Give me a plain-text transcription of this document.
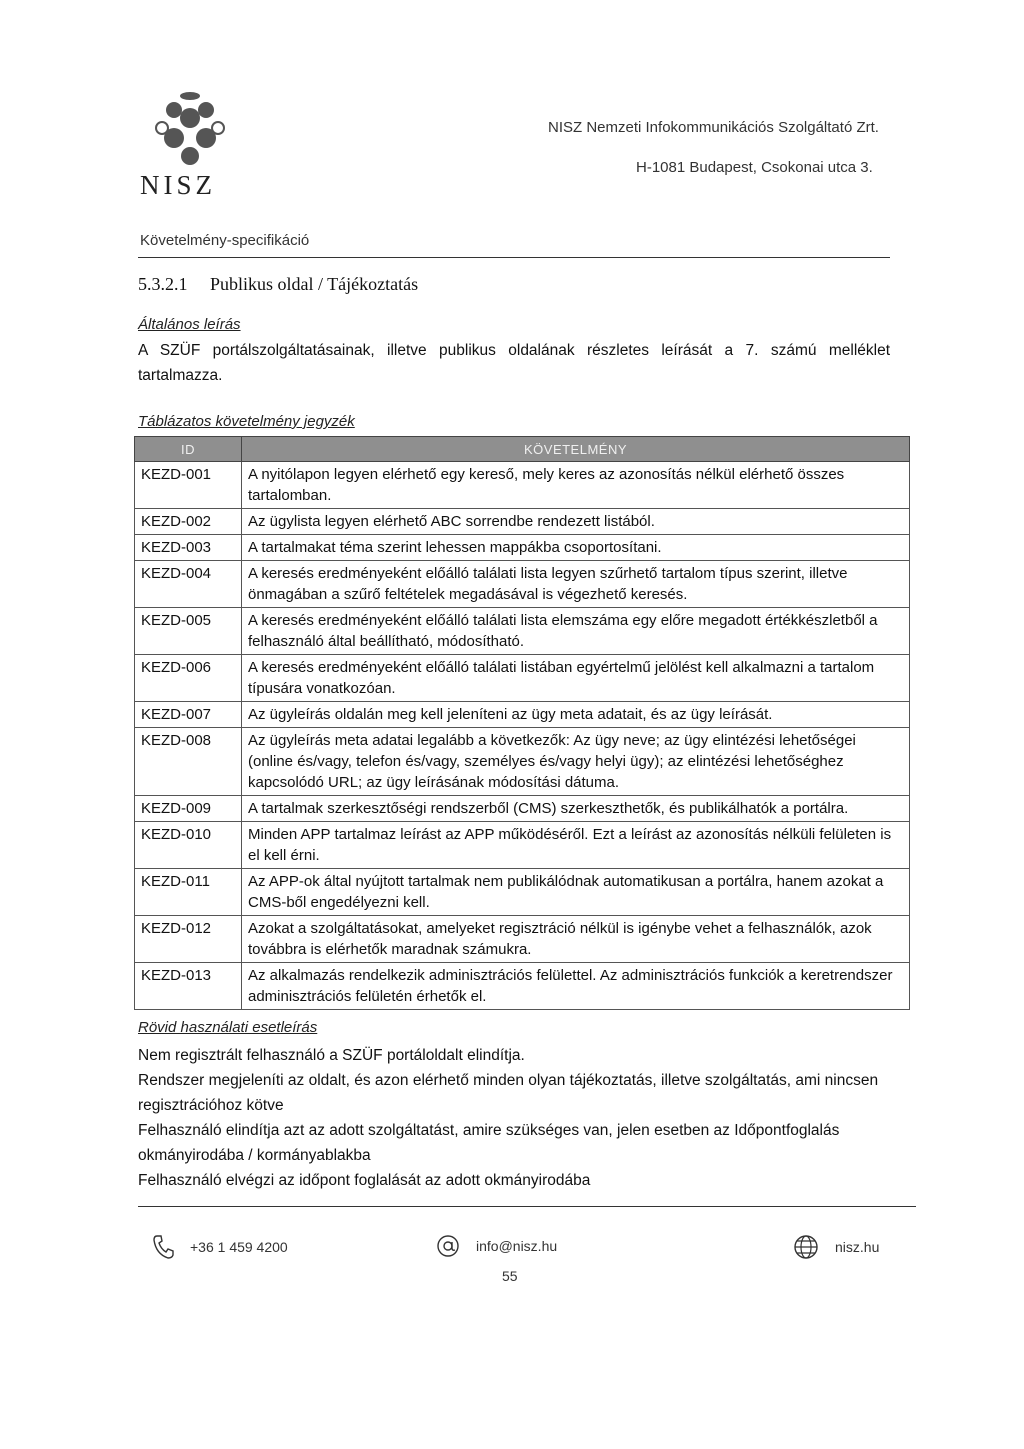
NISZ
NISZ Nemzeti Infokommunikációs Szolgáltató Zrt.
H-1081 Budapest, Csokonai utca 3.
Követelmény-specifikáció
5.3.2.1 Publikus oldal / Tájékoztatás
Általános leírás
A SZÜF portálszolgáltatásainak, illetve publikus oldalának részletes leírását a 7. számú melléklet tartalmazza.
Táblázatos követelmény jegyzék
ID	KÖVETELMÉNY
KEZD-001	A nyitólapon legyen elérhető egy kereső, mely keres az azonosítás nélkül elérhető összes tartalomban.
KEZD-002	Az ügylista legyen elérhető ABC sorrendbe rendezett listából.
KEZD-003	A tartalmakat téma szerint lehessen mappákba csoportosítani.
KEZD-004	A keresés eredményeként előálló találati lista legyen szűrhető tartalom típus szerint, illetve önmagában a szűrő feltételek megadásával is végezhető keresés.
KEZD-005	A keresés eredményeként előálló találati lista elemszáma egy előre megadott értékkészletből a felhasználó által beállítható, módosítható.
KEZD-006	A keresés eredményeként előálló találati listában egyértelmű jelölést kell alkalmazni a tartalom típusára vonatkozóan.
KEZD-007	Az ügyleírás oldalán meg kell jeleníteni az ügy meta adatait, és az ügy leírását.
KEZD-008	Az ügyleírás meta adatai legalább a következők: Az ügy neve; az ügy elintézési lehetőségei (online és/vagy, telefon és/vagy, személyes és/vagy helyi ügy); az elintézési lehetőséghez kapcsolódó URL; az ügy leírásának módosítási dátuma.
KEZD-009	A tartalmak szerkesztőségi rendszerből (CMS) szerkeszthetők, és publikálhatók a portálra.
KEZD-010	Minden APP tartalmaz leírást az APP működéséről. Ezt a leírást az azonosítás nélküli felületen is el kell érni.
KEZD-011	Az APP-ok által nyújtott tartalmak nem publikálódnak automatikusan a portálra, hanem azokat a CMS-ből engedélyezni kell.
KEZD-012	Azokat a szolgáltatásokat, amelyeket regisztráció nélkül is igénybe vehet a felhasználók, azok továbbra is elérhetők maradnak számukra.
KEZD-013	Az alkalmazás rendelkezik adminisztrációs felülettel. Az adminisztrációs funkciók a keretrendszer adminisztrációs felületén érhetők el.
Rövid használati esetleírás
Nem regisztrált felhasználó a SZÜF portáloldalt elindítja.
Rendszer megjeleníti az oldalt, és azon elérhető minden olyan tájékoztatás, illetve szolgáltatás, ami nincsen regisztrációhoz kötve
Felhasználó elindítja azt az adott szolgáltatást, amire szükséges van, jelen esetben az Időpontfoglalás okmányirodába / kormányablakba
Felhasználó elvégzi az időpont foglalását az adott okmányirodába
+36 1 459 4200	info@nisz.hu	nisz.hu
55
